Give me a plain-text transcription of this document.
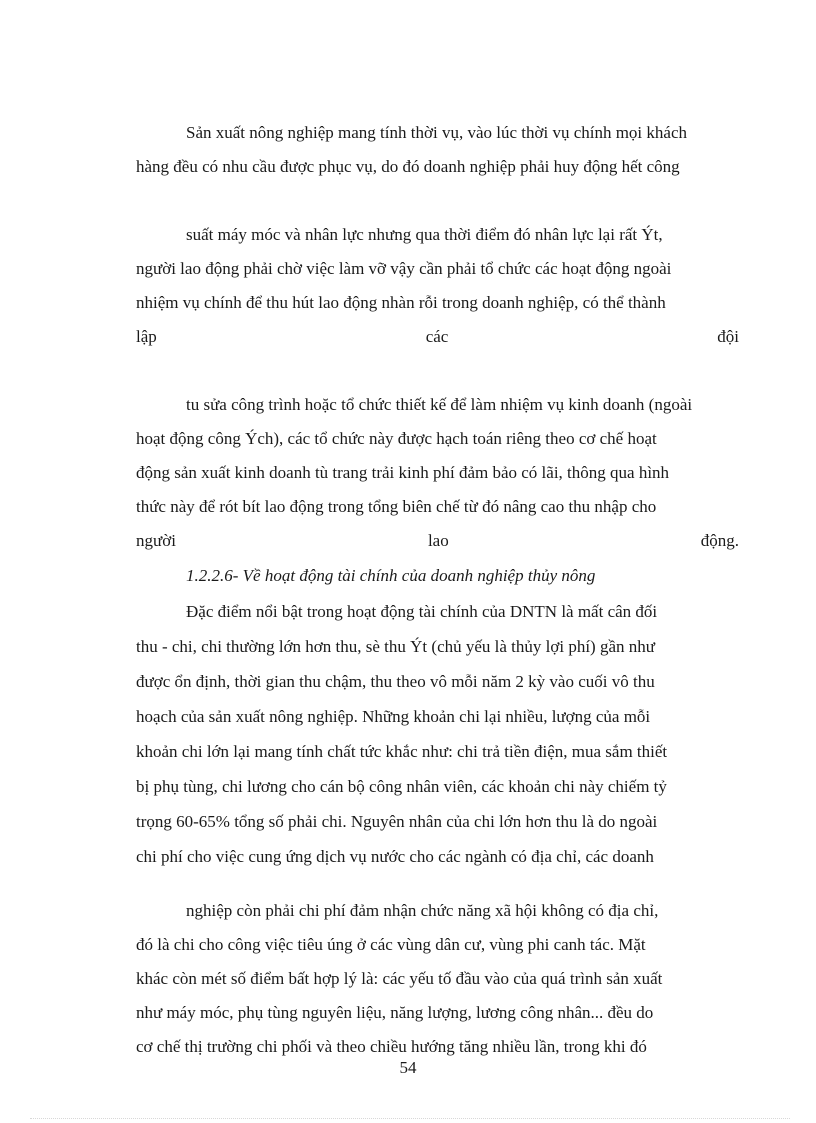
Sản xuất nông nghiệp mang tính thời vụ, vào lúc thời vụ chính mọi khách
hàng đều có nhu cầu được phục vụ, do đó doanh nghiệp phải huy động hết công
suất máy móc và nhân lực nhưng qua thời điểm đó nhân lực lại rất Ýt,
người lao động phải chờ việc làm vỡ vậy cần phải tổ chức các hoạt động ngoài
nhiệm vụ chính để thu hút lao động nhàn rỗi trong doanh nghiệp, có thể thành
lập	các	đội
tu sửa công trình hoặc tổ chức thiết kế để làm nhiệm vụ kinh doanh (ngoài
hoạt động công Ých), các tổ chức này được hạch toán riêng theo cơ chế hoạt
động sản xuất kinh doanh tù trang trải kinh phí đảm bảo có lãi, thông qua hình
thức này để rót bít lao động trong tổng biên chế từ đó nâng cao thu nhập cho
người	lao	động.
1.2.2.6- Về hoạt động tài chính của doanh nghiệp thủy nông
Đặc điểm nổi bật trong hoạt động tài chính của DNTN là mất cân đối
thu - chi, chi thường lớn hơn thu, sè thu Ýt (chủ yếu là thủy lợi phí) gần như
được ổn định, thời gian thu chậm, thu theo vô mỗi năm 2 kỳ vào cuối vô thu
hoạch của sản xuất nông nghiệp. Những khoản chi lại nhiều, lượng của mỗi
khoản chi lớn lại mang tính chất tức khắc như: chi trả tiền điện, mua sắm thiết
bị phụ tùng, chi lương cho cán bộ công nhân viên, các khoản chi này chiếm tỷ
trọng 60-65% tổng số phải chi. Nguyên nhân của chi lớn hơn thu là do ngoài
chi phí cho việc cung ứng dịch vụ nước cho các ngành có địa chỉ, các doanh
nghiệp còn phải chi phí đảm nhận chức năng xã hội không có địa chỉ,
đó là chi cho công việc tiêu úng ở các vùng dân cư, vùng phi canh tác. Mặt
khác còn mét số điểm bất hợp lý là: các yếu tố đầu vào của quá trình sản xuất
như máy móc, phụ tùng nguyên liệu, năng lượng, lương công nhân... đều do
cơ chế thị trường chi phối và theo chiều hướng tăng nhiều lần, trong khi đó
54
